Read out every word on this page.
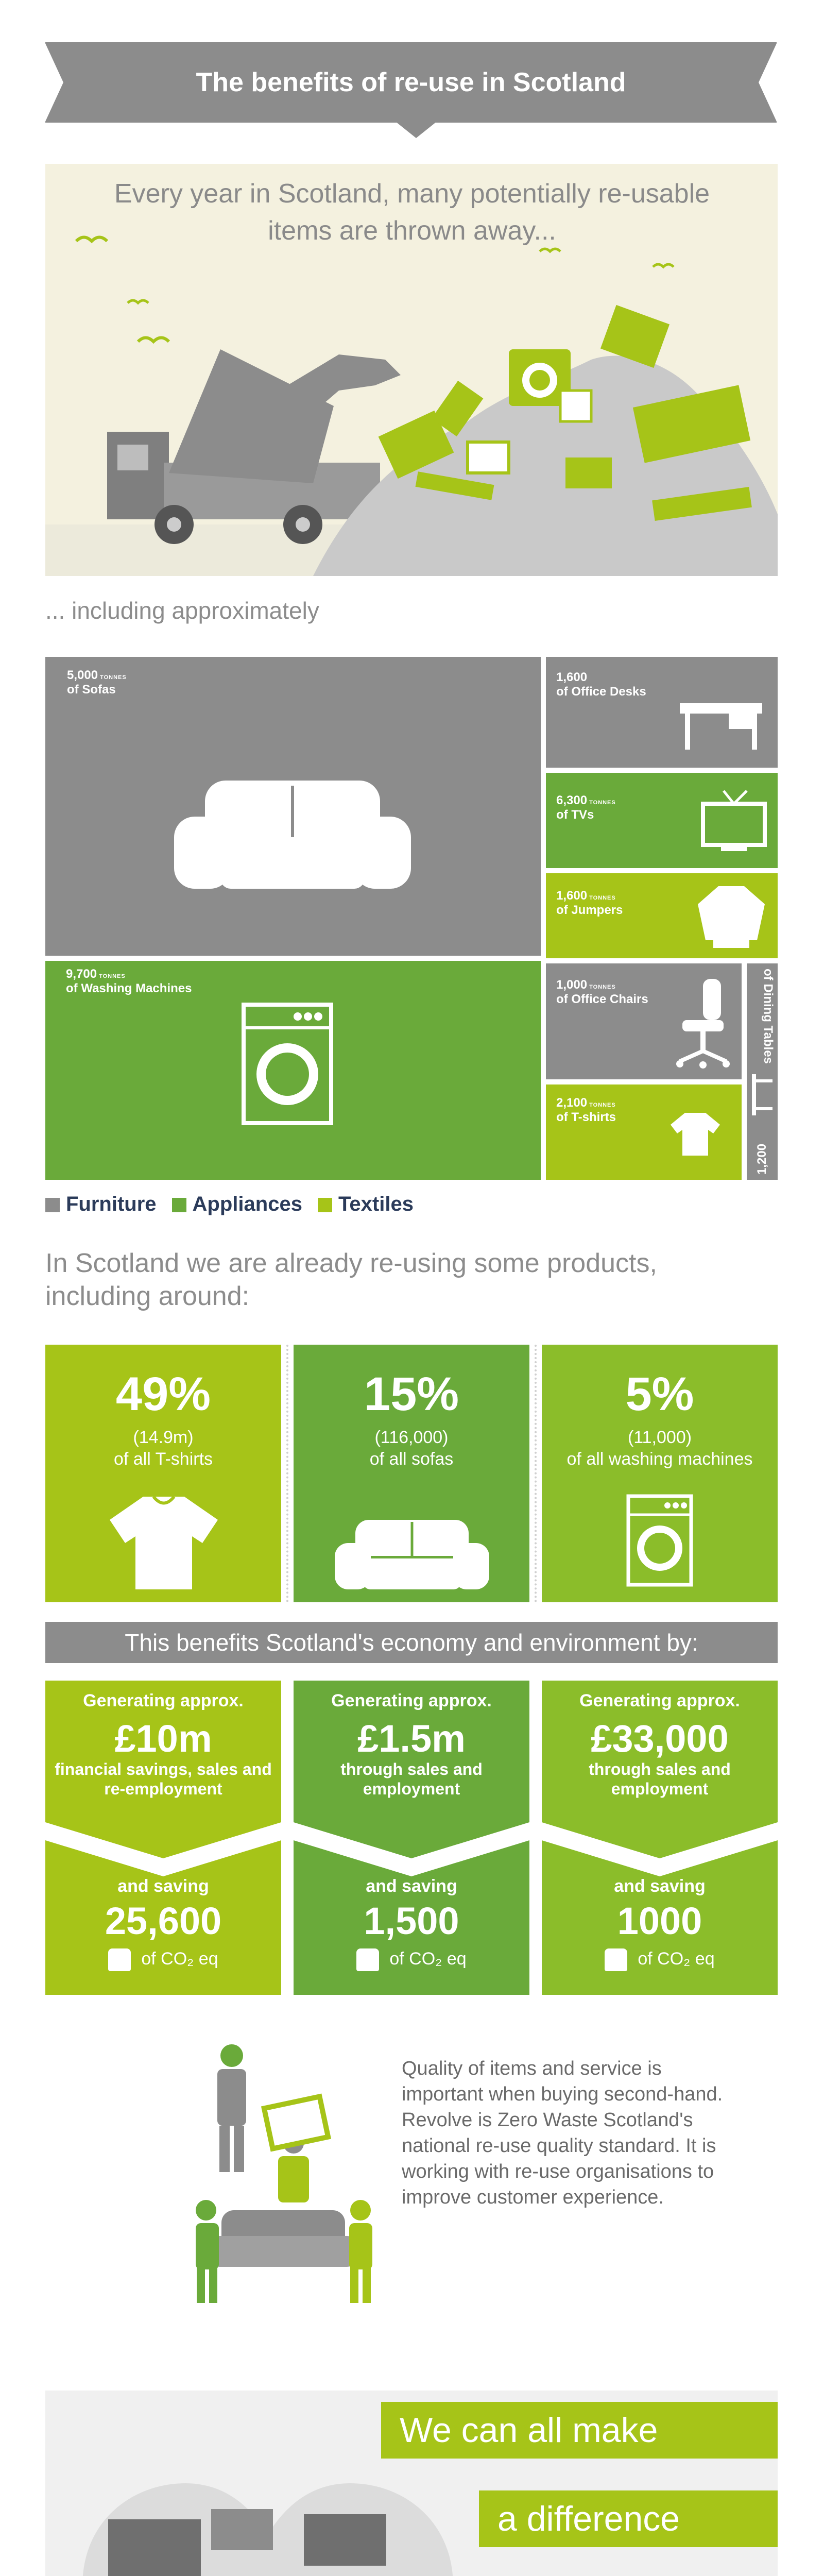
The benefits of re-use in Scotland
Every year in Scotland, many potentially re-usable items are thrown away...
... including approximately
5,000 TONNES
of Sofas
1,600
of Office Desks
6,300 TONNES
of TVs
1,600 TONNES
of Jumpers
9,700 TONNES
of Washing Machines	1,000 TONNES
of Office Chairs	of Dining Tables
1,200
2,100 TONNES
of T-shirts
Furniture	Appliances	Textiles
In Scotland we are already re-using some products, including around:
49%
(14.9m)
of all T-shirts
15%
(116,000)
of all sofas
5%
(11,000)
of all washing machines
This benefits Scotland's economy and environment by:
Generating approx.
£10m
financial savings, sales and re-employment
and saving
25,600
of CO₂ eq
Generating approx.
£1.5m
through sales and employment
and saving
1,500
of CO₂ eq
Generating approx.
£33,000
through sales and employment
and saving
1000
of CO₂ eq
Quality of items and service is important when buying second-hand. Revolve is Zero Waste Scotland's national re-use quality standard. It is working with re-use organisations to improve customer experience.
We can all make
a difference
